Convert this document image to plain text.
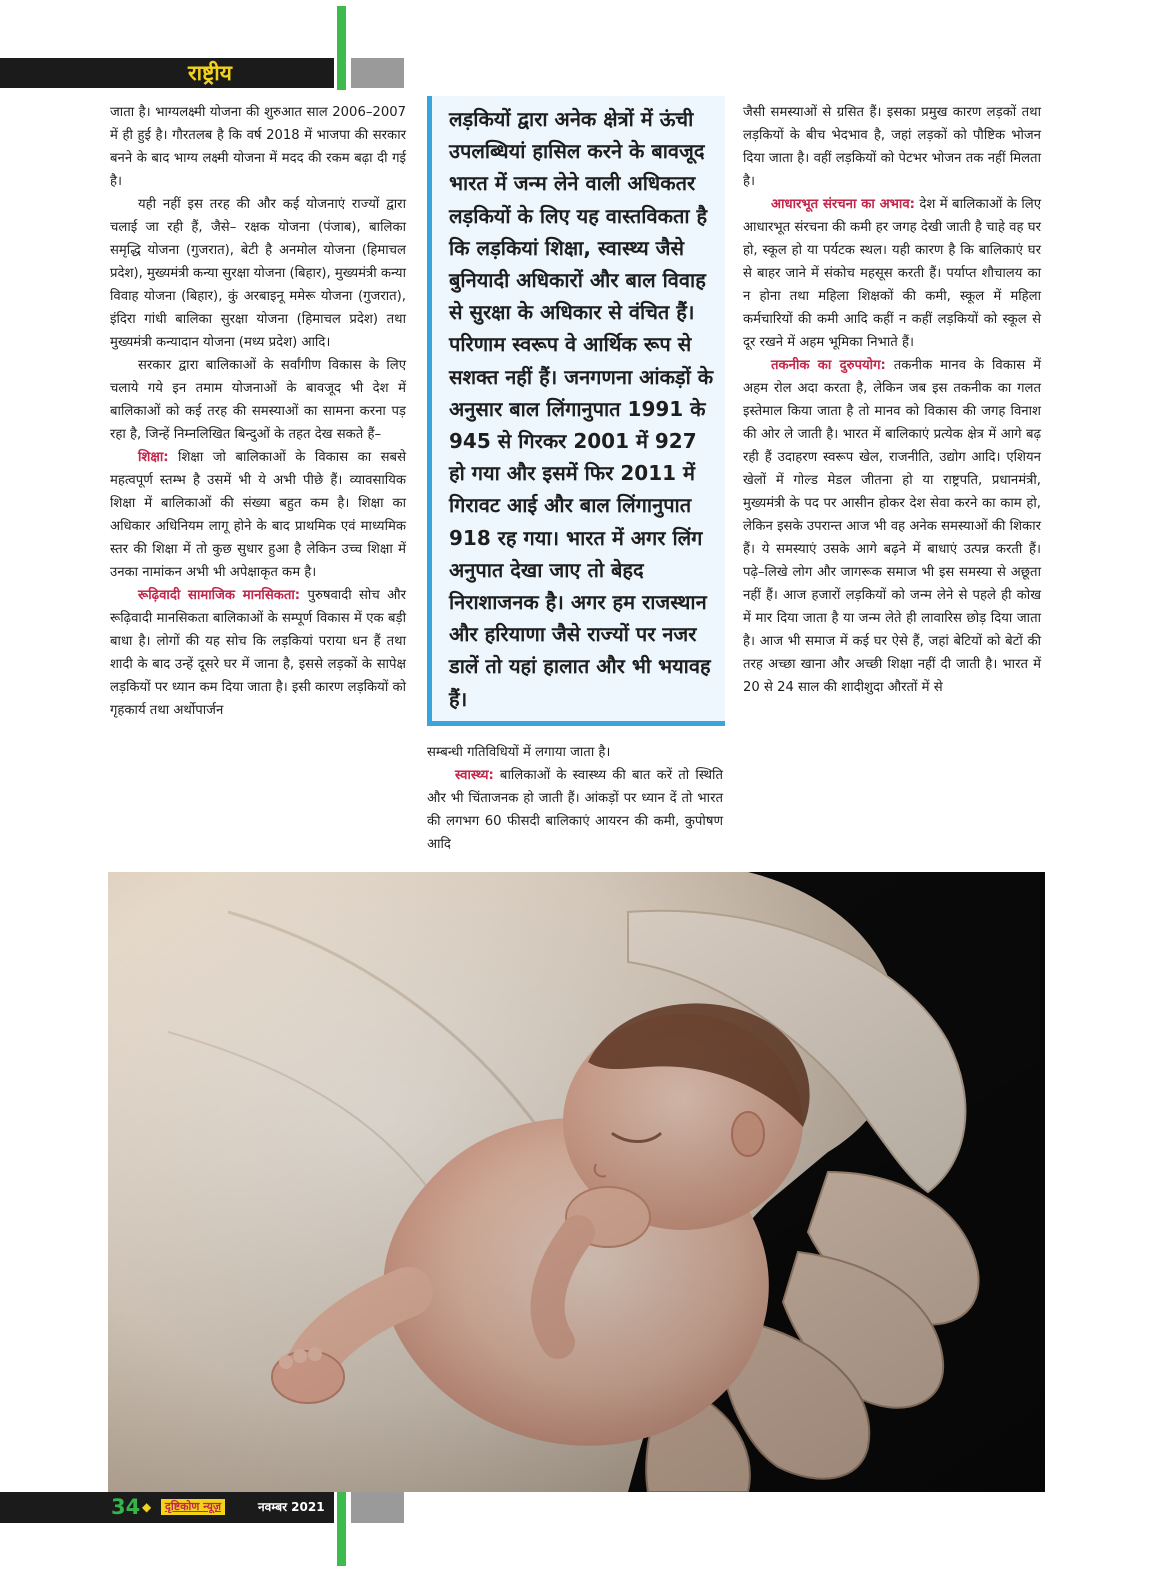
राष्ट्रीय

जाता है। भाग्यलक्ष्मी योजना की शुरुआत साल 2006–2007 में ही हुई है। गौरतलब है कि वर्ष 2018 में भाजपा की सरकार बनने के बाद भाग्य लक्ष्मी योजना में मदद की रकम बढ़ा दी गई है।

यही नहीं इस तरह की और कई योजनाएं राज्यों द्वारा चलाई जा रही हैं, जैसे– रक्षक योजना (पंजाब), बालिका समृद्धि योजना (गुजरात), बेटी है अनमोल योजना (हिमाचल प्रदेश), मुख्यमंत्री कन्या सुरक्षा योजना (बिहार), मुख्यमंत्री कन्या विवाह योजना (बिहार), कुं अरबाइनू ममेरू योजना (गुजरात), इंदिरा गांधी बालिका सुरक्षा योजना (हिमाचल प्रदेश) तथा मुख्यमंत्री कन्यादान योजना (मध्य प्रदेश) आदि।

सरकार द्वारा बालिकाओं के सर्वांगीण विकास के लिए चलाये गये इन तमाम योजनाओं के बावजूद भी देश में बालिकाओं को कई तरह की समस्याओं का सामना करना पड़ रहा है, जिन्हें निम्नलिखित बिन्दुओं के तहत देख सकते हैं–

शिक्षा: शिक्षा जो बालिकाओं के विकास का सबसे महत्वपूर्ण स्तम्भ है उसमें भी ये अभी पीछे हैं। व्यावसायिक शिक्षा में बालिकाओं की संख्या बहुत कम है। शिक्षा का अधिकार अधिनियम लागू होने के बाद प्राथमिक एवं माध्यमिक स्तर की शिक्षा में तो कुछ सुधार हुआ है लेकिन उच्च शिक्षा में उनका नामांकन अभी भी अपेक्षाकृत कम है।

रूढ़िवादी सामाजिक मानसिकता: पुरुषवादी सोच और रूढ़िवादी मानसिकता बालिकाओं के सम्पूर्ण विकास में एक बड़ी बाधा है। लोगों की यह सोच कि लड़कियां पराया धन हैं तथा शादी के बाद उन्हें दूसरे घर में जाना है, इससे लड़कों के सापेक्ष लड़कियों पर ध्यान कम दिया जाता है। इसी कारण लड़कियों को गृहकार्य तथा अर्थोपार्जन

लड़कियों द्वारा अनेक क्षेत्रों में ऊंची उपलब्धियां हासिल करने के बावजूद भारत में जन्म लेने वाली अधिकतर लड़कियों के लिए यह वास्तविकता है कि लड़कियां शिक्षा, स्वास्थ्य जैसे बुनियादी अधिकारों और बाल विवाह से सुरक्षा के अधिकार से वंचित हैं। परिणाम स्वरूप वे आर्थिक रूप से सशक्त नहीं हैं। जनगणना आंकड़ों के अनुसार बाल लिंगानुपात 1991 के 945 से गिरकर 2001 में 927 हो गया और इसमें फिर 2011 में गिरावट आई और बाल लिंगानुपात 918 रह गया। भारत में अगर लिंग अनुपात देखा जाए तो बेहद निराशाजनक है। अगर हम राजस्थान और हरियाणा जैसे राज्यों पर नजर डालें तो यहां हालात और भी भयावह हैं।

सम्बन्धी गतिविधियों में लगाया जाता है।

स्वास्थ्य: बालिकाओं के स्वास्थ्य की बात करें तो स्थिति और भी चिंताजनक हो जाती हैं। आंकड़ों पर ध्यान दें तो भारत की लगभग 60 फीसदी बालिकाएं आयरन की कमी, कुपोषण आदि

जैसी समस्याओं से ग्रसित हैं। इसका प्रमुख कारण लड़कों तथा लड़कियों के बीच भेदभाव है, जहां लड़कों को पौष्टिक भोजन दिया जाता है। वहीं लड़कियों को पेटभर भोजन तक नहीं मिलता है।

आधारभूत संरचना का अभाव: देश में बालिकाओं के लिए आधारभूत संरचना की कमी हर जगह देखी जाती है चाहे वह घर हो, स्कूल हो या पर्यटक स्थल। यही कारण है कि बालिकाएं घर से बाहर जाने में संकोच महसूस करती हैं। पर्याप्त शौचालय का न होना तथा महिला शिक्षकों की कमी, स्कूल में महिला कर्मचारियों की कमी आदि कहीं न कहीं लड़कियों को स्कूल से दूर रखने में अहम भूमिका निभाते हैं।

तकनीक का दुरुपयोग: तकनीक मानव के विकास में अहम रोल अदा करता है, लेकिन जब इस तकनीक का गलत इस्तेमाल किया जाता है तो मानव को विकास की जगह विनाश की ओर ले जाती है। भारत में बालिकाएं प्रत्येक क्षेत्र में आगे बढ़ रही हैं उदाहरण स्वरूप खेल, राजनीति, उद्योग आदि। एशियन खेलों में गोल्ड मेडल जीतना हो या राष्ट्रपति, प्रधानमंत्री, मुख्यमंत्री के पद पर आसीन होकर देश सेवा करने का काम हो, लेकिन इसके उपरान्त आज भी वह अनेक समस्याओं की शिकार हैं। ये समस्याएं उसके आगे बढ़ने में बाधाएं उत्पन्न करती हैं। पढ़े–लिखे लोग और जागरूक समाज भी इस समस्या से अछूता नहीं हैं। आज हजारों लड़कियों को जन्म लेने से पहले ही कोख में मार दिया जाता है या जन्म लेते ही लावारिस छोड़ दिया जाता है। आज भी समाज में कई घर ऐसे हैं, जहां बेटियों को बेटों की तरह अच्छा खाना और अच्छी शिक्षा नहीं दी जाती है। भारत में 20 से 24 साल की शादीशुदा औरतों में से

34 ◆	दृष्टिकोण न्यूज़	नवम्बर 2021
